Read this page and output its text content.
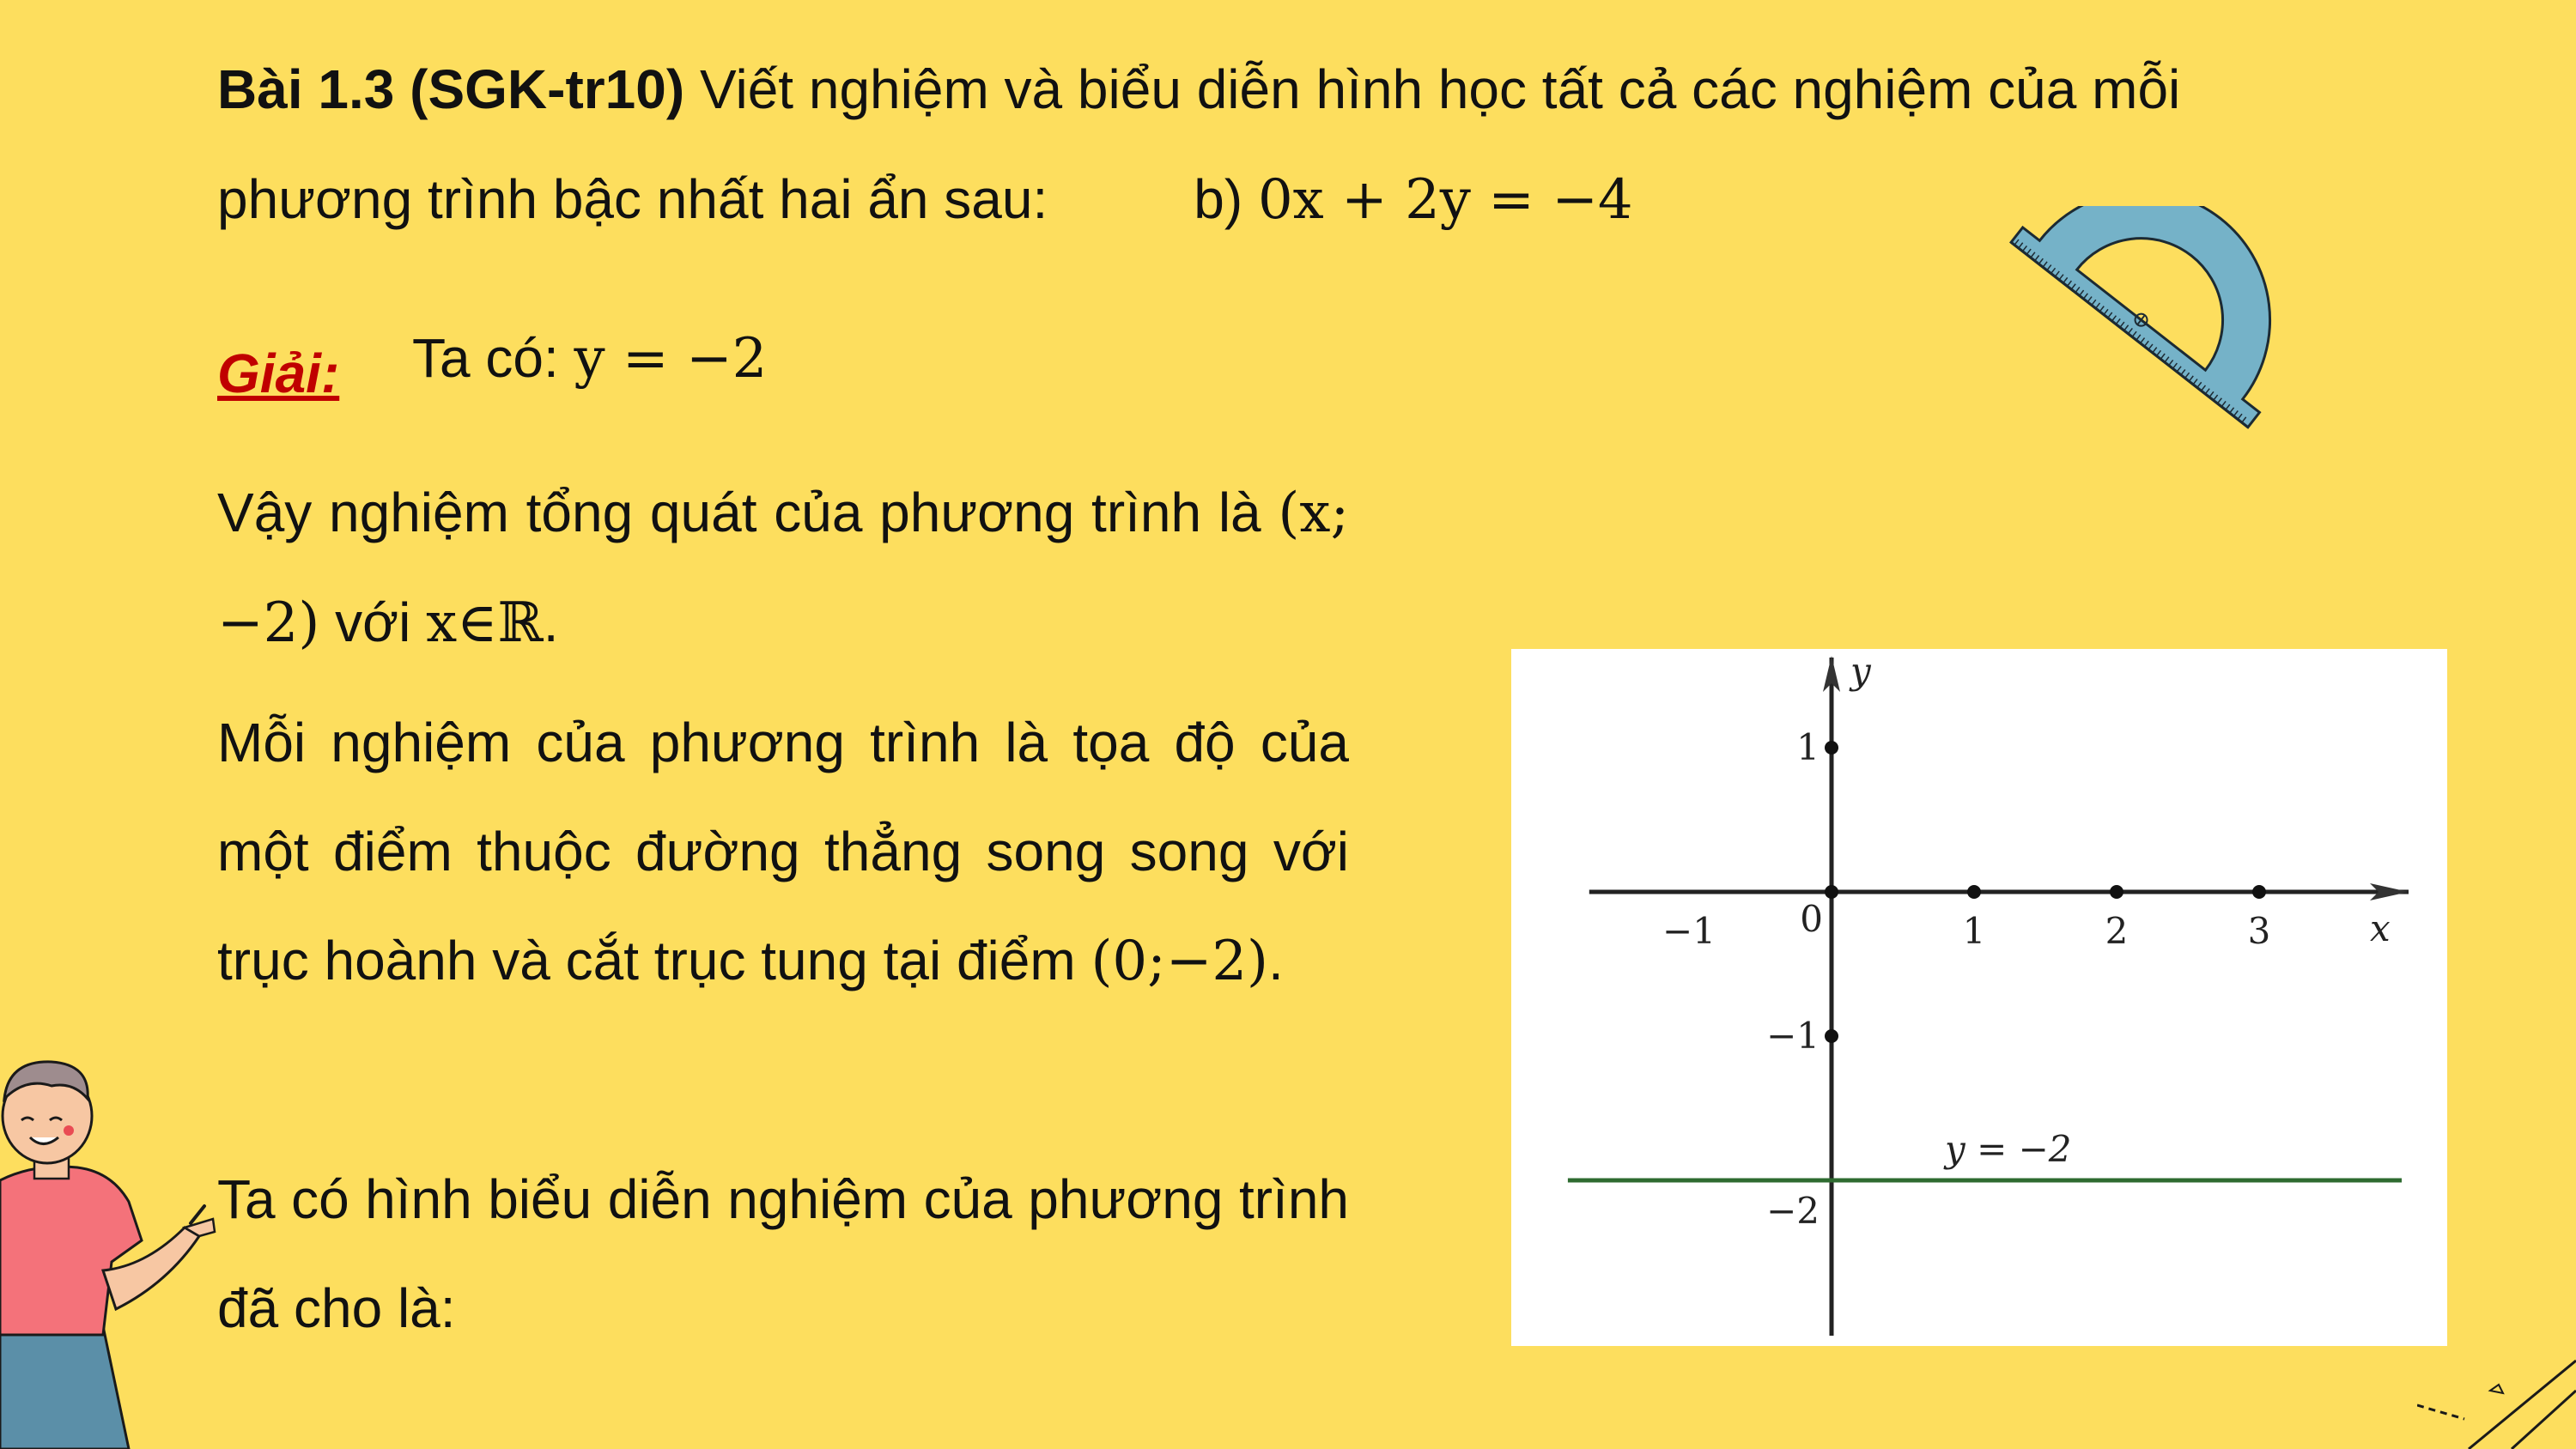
Bài 1.3 (SGK-tr10) Viết nghiệm và biểu diễn hình học tất cả các nghiệm của mỗi
phương trình bậc nhất hai ẩn sau:	b) 0x + 2y = −4
Giải: Ta có: y = −2
Vậy nghiệm tổng quát của phương trình là (x;−2) với x∈ℝ.
Mỗi nghiệm của phương trình là tọa độ của một điểm thuộc đường thẳng song song với trục hoành và cắt trục tung tại điểm (0;−2).
Ta có hình biểu diễn nghiệm của phương trình đã cho là:
x
y
−1	1	2	3
0
1
−1
−2
y = −2
